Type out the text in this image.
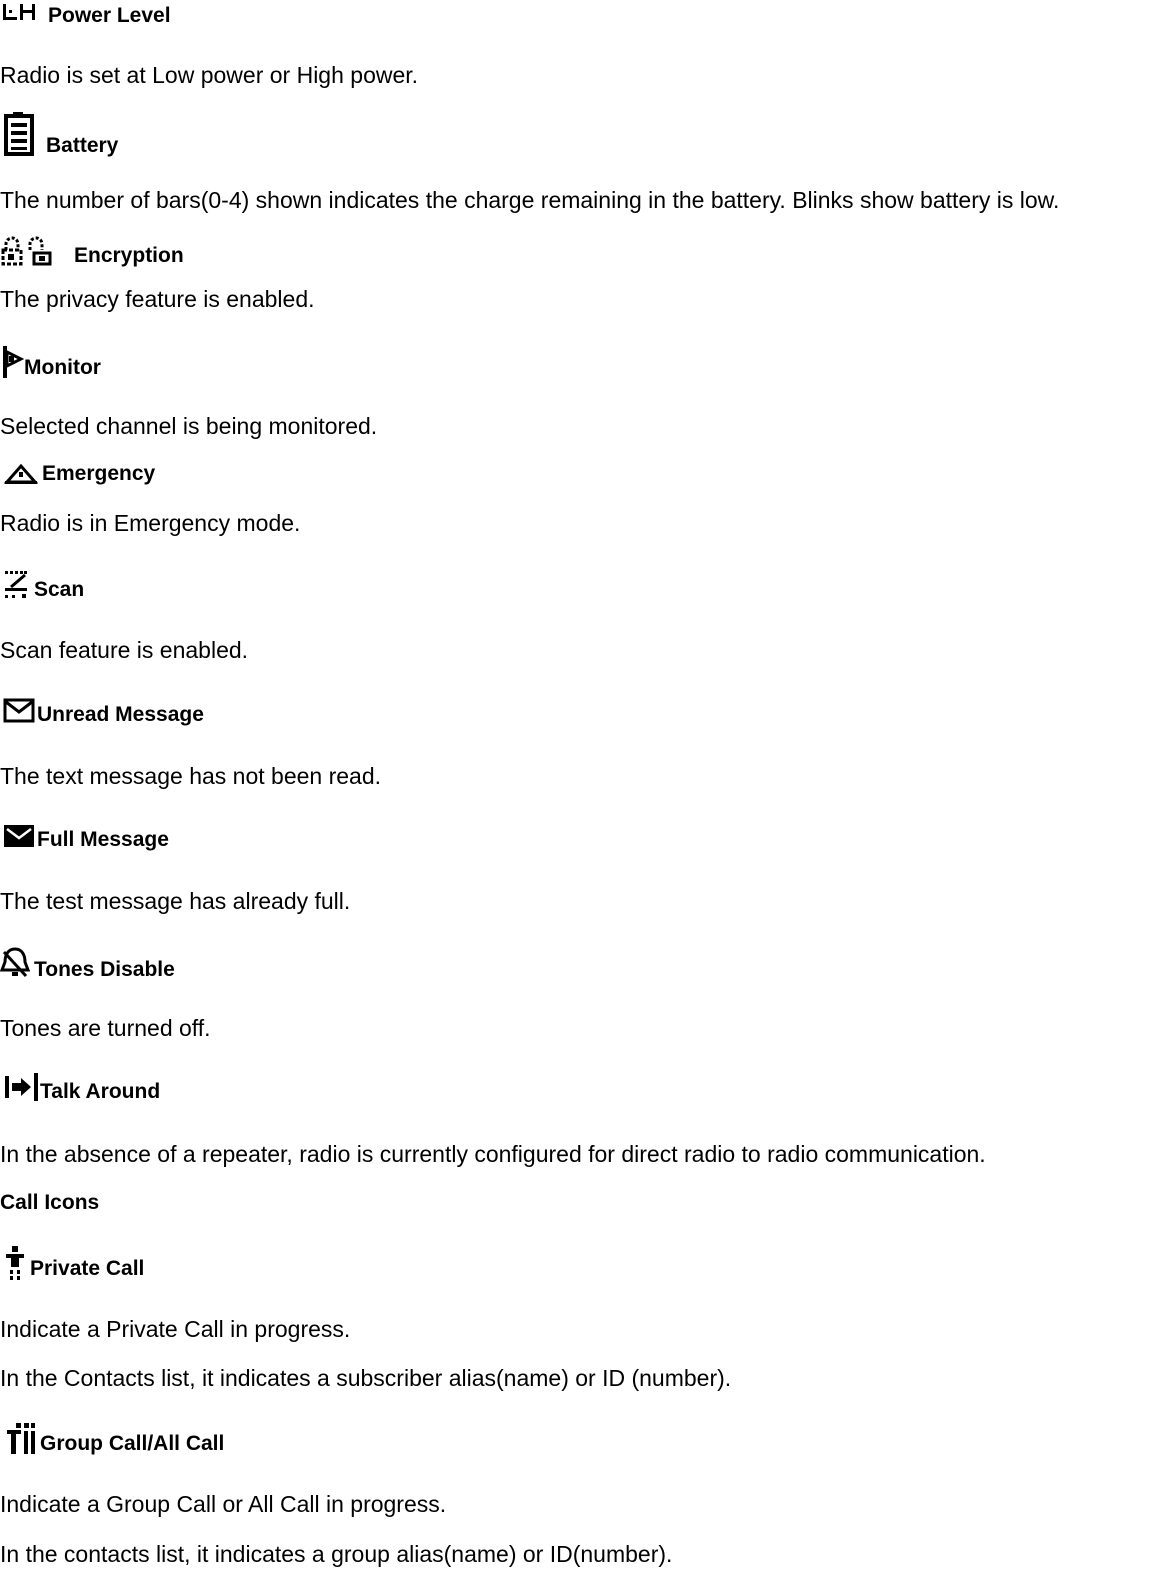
Power Level
Radio is set at Low power or High power.
Battery
The number of bars(0-4) shown indicates the charge remaining in the battery. Blinks show battery is low.
Encryption
The privacy feature is enabled.
Monitor
Selected channel is being monitored.
Emergency
Radio is in Emergency mode.
Scan
Scan feature is enabled.
Unread Message
The text message has not been read.
Full Message
The test message has already full.
Tones Disable
Tones are turned off.
Talk Around
In the absence of a repeater, radio is currently configured for direct radio to radio communication.
Call Icons
Private Call
Indicate a Private Call in progress.
In the Contacts list, it indicates a subscriber alias(name) or ID (number).
Group Call/All Call
Indicate a Group Call or All Call in progress.
In the contacts list, it indicates a group alias(name) or ID(number).
